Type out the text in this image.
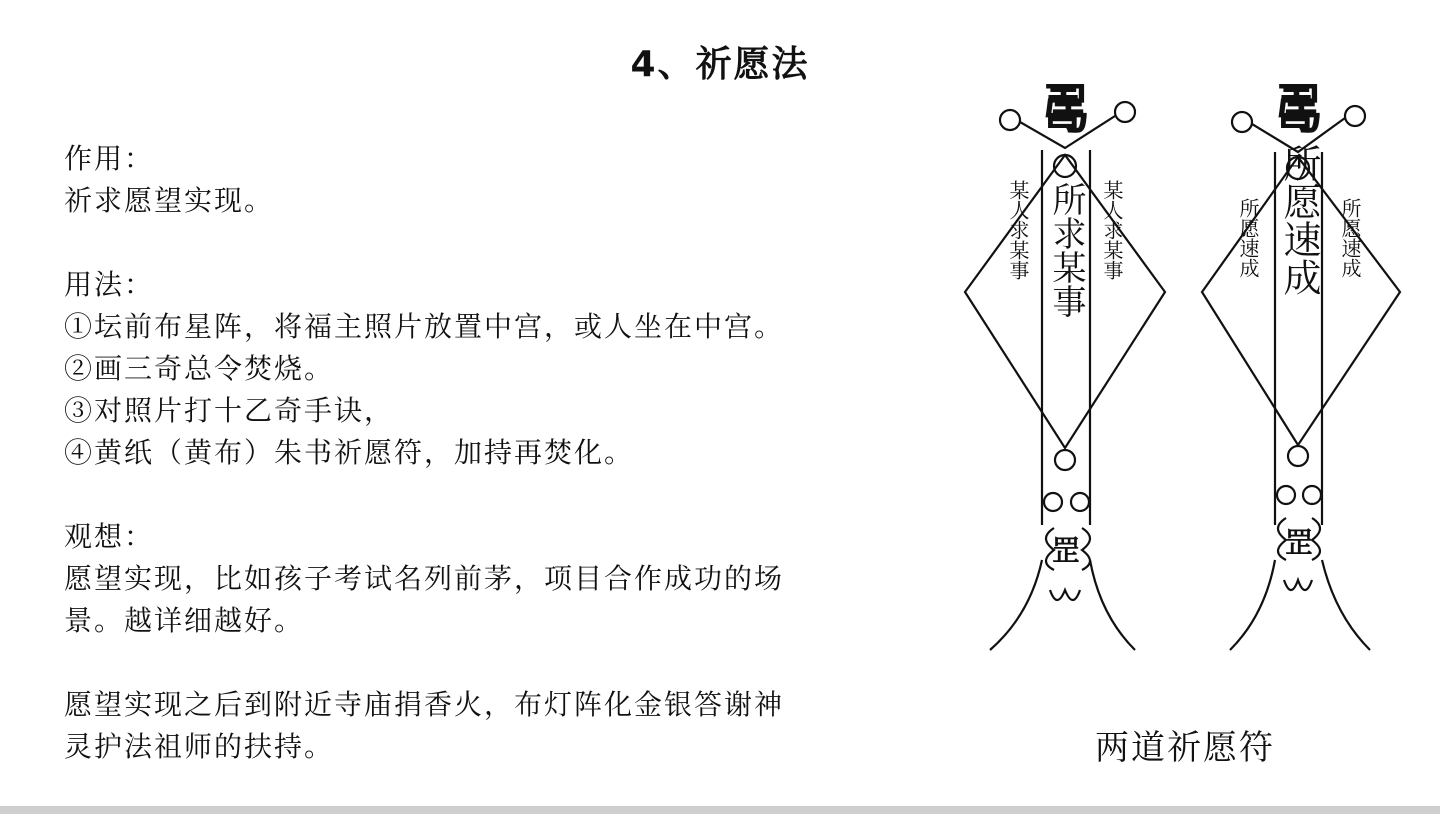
4、祈愿法
作用：
祈求愿望实现。
用法：
①坛前布星阵，将福主照片放置中宫，或人坐在中宫。
②画三奇总令焚烧。
③对照片打十乙奇手诀，
④黄纸（黄布）朱书祈愿符，加持再焚化。
观想：
愿望实现，比如孩子考试名列前茅，项目合作成功的场
景。越详细越好。
愿望实现之后到附近寺庙捐香火，布灯阵化金银答谢神
灵护法祖师的扶持。
𠷎
罡
所求某事
某人求某事	某人求某事
𠷎
罡
所愿速成
所愿速成	所愿速成
两道祈愿符
